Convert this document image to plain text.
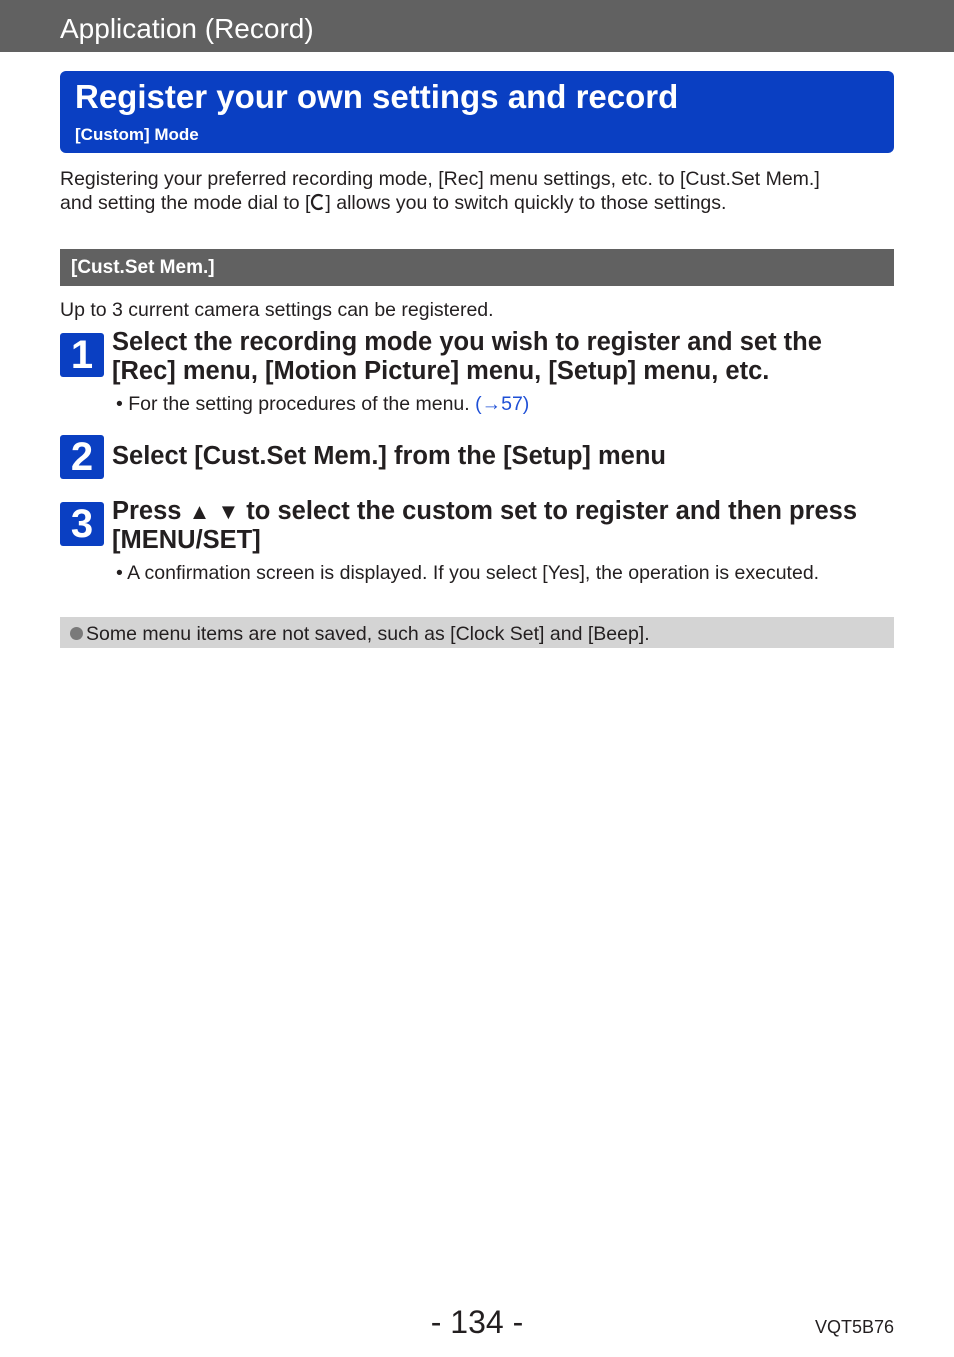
Application (Record)
Register your own settings and record
[Custom] Mode
Registering your preferred recording mode, [Rec] menu settings, etc. to [Cust.Set Mem.]
and setting the mode dial to [ ] allows you to switch quickly to those settings.
[Cust.Set Mem.]
Up to 3 current camera settings can be registered.
1 Select the recording mode you wish to register and set the
[Rec] menu, [Motion Picture] menu, [Setup] menu, etc.
• For the setting procedures of the menu. (→57)
2 Select [Cust.Set Mem.] from the [Setup] menu
3 Press ▲ ▼ to select the custom set to register and then press
[MENU/SET]
• A confirmation screen is displayed. If you select [Yes], the operation is executed.
Some menu items are not saved, such as [Clock Set] and [Beep].
- 134 -	VQT5B76
